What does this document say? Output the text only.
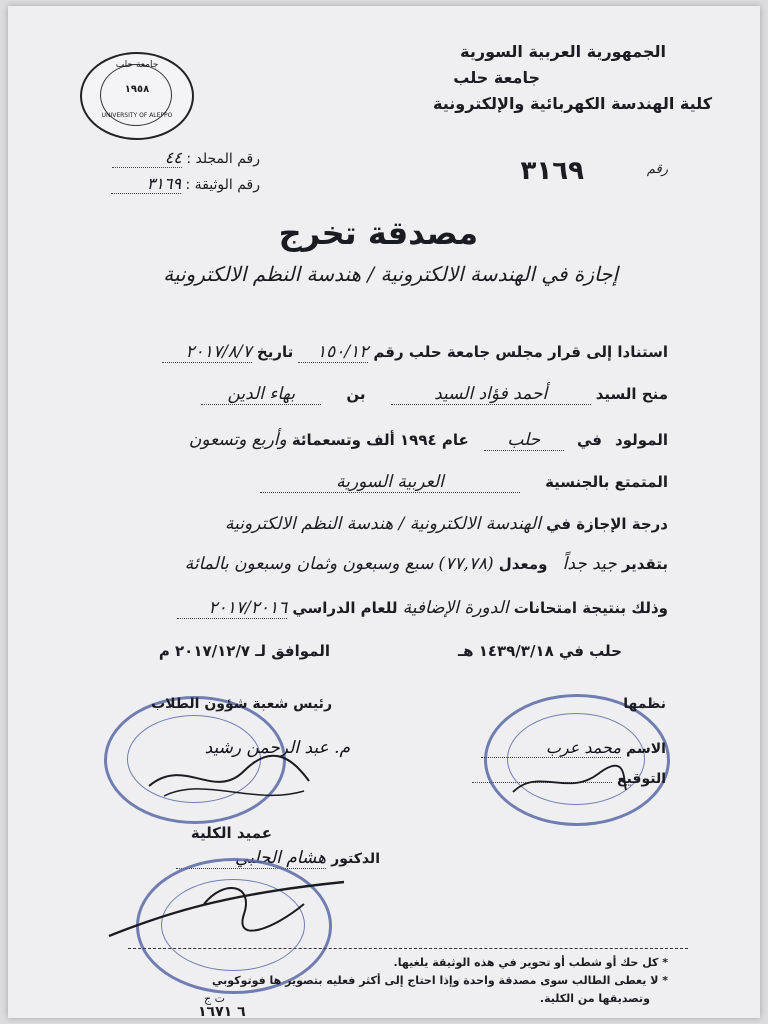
الجمهورية العربية السورية
جامعة حلب
كلية الهندسة الكهربائية والإلكترونية
جامعة حلب
١٩٥٨
UNIVERSITY OF ALEPPO
رقم المجلد : ٤٤
رقم الوثيقة : ٣١٦٩
رقم
٣١٦٩
مصدقة تخرج
إجازة في الهندسة الالكترونية / هندسة النظم الالكترونية
استنادا إلى قرار مجلس جامعة حلب رقم ١٥٠/١٢ تاريخ ٢٠١٧/٨/٧
منح السيد أحمد فؤاد السيد بن بهاء الدين
المولود في حلب عام ١٩٩٤ ألف وتسعمائة وأربع وتسعون
المتمتع بالجنسية العربية السورية
درجة الإجازة في الهندسة الالكترونية / هندسة النظم الالكترونية
بتقدير جيد جداً ومعدل (٧٧,٧٨) سبع وسبعون وثمان وسبعون بالمائة
وذلك بنتيجة امتحانات الدورة الإضافية للعام الدراسي ٢٠١٧/٢٠١٦
حلب في ١٤٣٩/٣/١٨ هـ
الموافق لـ ٢٠١٧/١٢/٧ م
رئيس شعبة شؤون الطلاب
م. عبد الرحمن رشيد
نظمها
الاسم محمد عرب
التوقيع
عميد الكلية
الدكتور هشام الحلبي
* كل حك أو شطب أو تحوير في هذه الوثيقة يلغيها.
* لا يعطى الطالب سوى مصدقة واحدة وإذا احتاج إلى أكثر فعليه بتصوير ها فوتوكوبي
وتصديقها من الكلية.
ت ج
٦ ١٦٧١
